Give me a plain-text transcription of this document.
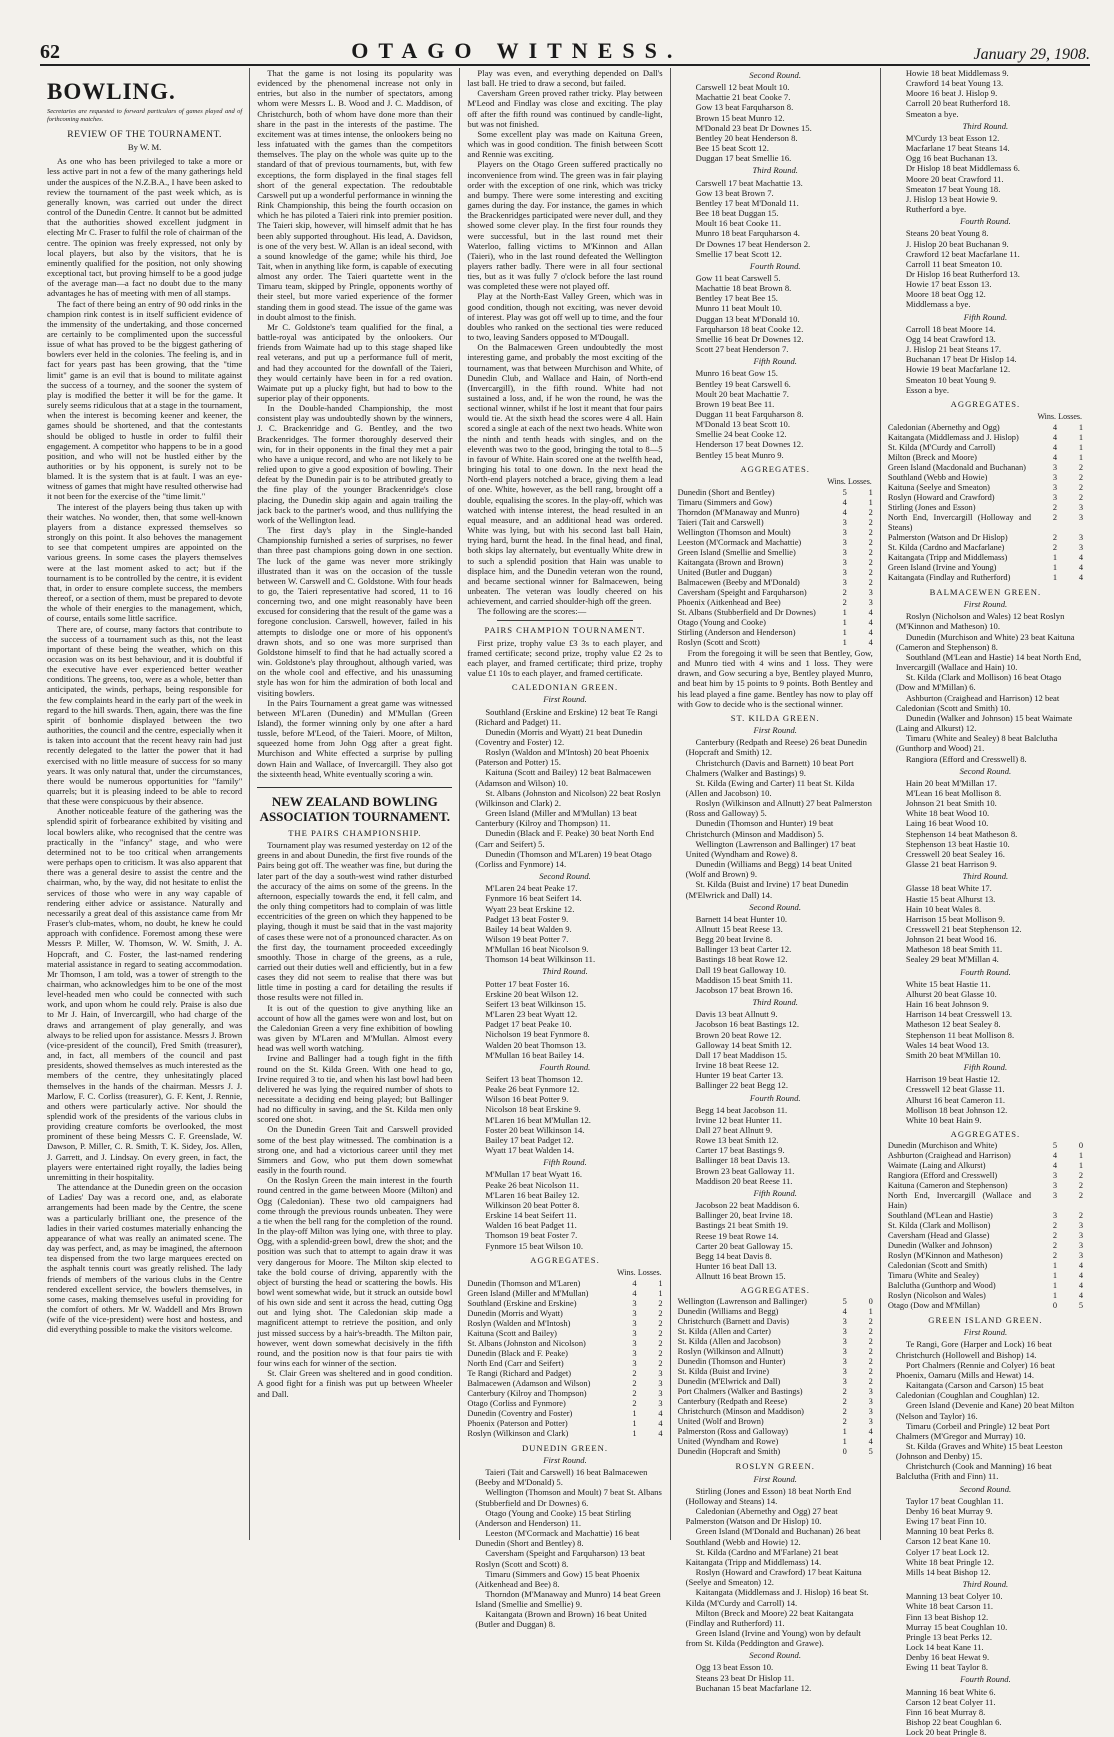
62	OTAGO WITNESS.	January 29, 1908.
BOWLING.
Secretaries are requested to forward particulars of games played and of forthcoming matches.
REVIEW OF THE TOURNAMENT.
By W. M.

As one who has been privileged to take a more or less active part in not a few of the many gatherings held under the auspices of the N.Z.B.A., I have been asked to review the tournament of the past week which, as is generally known, was carried out under the direct control of the Dunedin Centre. It cannot but be admitted that the authorities showed excellent judgment in electing Mr C. Fraser to fulfil the role of chairman of the centre. The opinion was freely expressed, not only by local players, but also by the visitors, that he is eminently qualified for the position, not only showing exceptional tact, but proving himself to be a good judge of the average man—a fact no doubt due to the many advantages he has of meeting with men of all stamps.

The fact of there being an entry of 90 odd rinks in the champion rink contest is in itself sufficient evidence of the immensity of the undertaking, and those concerned are certainly to be complimented upon the successful issue of what has proved to be the biggest gathering of bowlers ever held in the colonies. The feeling is, and in fact for years past has been growing, that the "time limit" game is an evil that is bound to militate against the success of a tourney, and the sooner the system of play is modified the better it will be for the game. It surely seems ridiculous that at a stage in the tournament, when the interest is becoming keener and keener, the games should be shortened, and that the contestants should be obliged to hustle in order to fulfil their engagement. A competitor who happens to be in a good position, and who will not be hustled either by the authorities or by his opponent, is surely not to be blamed. It is the system that is at fault. I was an eye-witness of games that might have resulted otherwise had it not been for the exercise of the "time limit."

The interest of the players being thus taken up with their watches. No wonder, then, that some well-known players from a distance expressed themselves so strongly on this point. It also behoves the management to see that competent umpires are appointed on the various greens. In some cases the players themselves were at the last moment asked to act; but if the tournament is to be controlled by the centre, it is evident that, in order to ensure complete success, the members thereof, or a section of them, must be prepared to devote the whole of their energies to the management, which, of course, entails some little sacrifice.

There are, of course, many factors that contribute to the success of a tournament such as this, not the least important of these being the weather, which on this occasion was on its best behaviour, and it is doubtful if the executive have ever experienced better weather conditions. The greens, too, were as a whole, better than anticipated, the winds, perhaps, being responsible for the few complaints heard in the early part of the week in regard to the hill swards. Then, again, there was the fine spirit of bonhomie displayed between the two authorities, the council and the centre, especially when it is taken into account that the recent heavy rain had just recently delegated to the latter the power that it had exercised with no little measure of success for so many years. It was only natural that, under the circumstances, there would be numerous opportunities for "family" quarrels; but it is pleasing indeed to be able to record that these were conspicuous by their absence.

Another noticeable feature of the gathering was the splendid spirit of forbearance exhibited by visiting and local bowlers alike, who recognised that the centre was practically in the "infancy" stage, and who were determined not to be too critical when arrangements were perhaps open to criticism. It was also apparent that there was a general desire to assist the centre and the chairman, who, by the way, did not hesitate to enlist the services of those who were in any way capable of rendering either advice or assistance. Naturally and necessarily a great deal of this assistance came from Mr Fraser's club-mates, whom, no doubt, he knew he could approach with confidence. Foremost among these were Messrs P. Miller, W. Thomson, W. W. Smith, J. A. Hopcraft, and C. Foster, the last-named rendering material assistance in regard to seating accommodation. Mr Thomson, I am told, was a tower of strength to the chairman, who acknowledges him to be one of the most level-headed men who could be connected with such work, and upon whom he could rely. Praise is also due to Mr J. Hain, of Invercargill, who had charge of the draws and arrangement of play generally, and was always to be relied upon for assistance. Messrs J. Brown (vice-president of the council), Fred Smith (treasurer), and, in fact, all members of the council and past presidents, showed themselves as much interested as the members of the centre, they unhesitatingly placed themselves in the hands of the chairman. Messrs J. J. Marlow, F. C. Corliss (treasurer), G. F. Kent, J. Rennie, and others were particularly active. Nor should the splendid work of the presidents of the various clubs in providing creature comforts be overlooked, the most prominent of these being Messrs C. F. Greenslade, W. Dawson, P. Miller, C. R. Smith, T. K. Sidey, Jos. Allen, J. Garrett, and J. Lindsay. On every green, in fact, the players were entertained right royally, the ladies being unremitting in their hospitality.

The attendance at the Dunedin green on the occasion of Ladies' Day was a record one, and, as elaborate arrangements had been made by the Centre, the scene was a particularly brilliant one, the presence of the ladies in their varied costumes materially enhancing the appearance of what was really an animated scene. The day was perfect, and, as may be imagined, the afternoon tea dispensed from the two large marquees erected on the asphalt tennis court was greatly relished. The lady friends of members of the various clubs in the Centre rendered excellent service, the bowlers themselves, in some cases, making themselves useful in providing for the comfort of others. Mr W. Waddell and Mrs Brown (wife of the vice-president) were host and hostess, and did everything possible to make the visitors welcome.

That the game is not losing its popularity was evidenced by the phenomenal increase not only in entries, but also in the number of spectators, among whom were Messrs L. B. Wood and J. C. Maddison, of Christchurch, both of whom have done more than their share in the past in the interests of the pastime. The excitement was at times intense, the onlookers being no less infatuated with the games than the competitors themselves. The play on the whole was quite up to the standard of that of previous tournaments, but, with few exceptions, the form displayed in the final stages fell short of the general expectation. The redoubtable Carswell put up a wonderful performance in winning the Rink Championship, this being the fourth occasion on which he has piloted a Taieri rink into premier position. The Taieri skip, however, will himself admit that he has been ably supported throughout. His lead, A. Davidson, is one of the very best. W. Allan is an ideal second, with a sound knowledge of the game; while his third, Joe Tait, when in anything like form, is capable of executing almost any order. The Taieri quartette went in the Timaru team, skipped by Pringle, opponents worthy of their steel, but more varied experience of the former standing them in good stead. The issue of the game was in doubt almost to the finish.

Mr C. Goldstone's team qualified for the final, a battle-royal was anticipated by the onlookers. Our friends from Waimate had up to this stage shaped like real veterans, and put up a performance full of merit, and had they accounted for the downfall of the Taieri, they would certainly have been in for a red ovation. Waimate put up a plucky fight, but had to bow to the superior play of their opponents.

In the Double-handed Championship, the most consistent play was undoubtedly shown by the winners, J. C. Brackenridge and G. Bentley, and the two Brackenridges. The former thoroughly deserved their win, for in their opponents in the final they met a pair who have a unique record, and who are not likely to be relied upon to give a good exposition of bowling. Their defeat by the Dunedin pair is to be attributed greatly to the fine play of the younger Brackenridge's close placing, the Dunedin skip again and again trailing the jack back to the partner's wood, and thus nullifying the work of the Wellington lead.

The first day's play in the Single-handed Championship furnished a series of surprises, no fewer than three past champions going down in one section. The luck of the game was never more strikingly illustrated than it was on the occasion of the tussle between W. Carswell and C. Goldstone. With four heads to go, the Taieri representative had scored, 11 to 16 concerning two, and one might reasonably have been excused for considering that the result of the game was a foregone conclusion. Carswell, however, failed in his attempts to dislodge one or more of his opponent's drawn shots, and so one was more surprised than Goldstone himself to find that he had actually scored a win. Goldstone's play throughout, although varied, was on the whole cool and effective, and his unassuming style has won for him the admiration of both local and visiting bowlers.

In the Pairs Tournament a great game was witnessed between M'Laren (Dunedin) and M'Mullan (Green Island), the former winning only by one after a hard tussle, before M'Leod, of the Taieri. Moore, of Milton, squeezed home from John Ogg after a great fight. Murchison and White effected a surprise by pulling down Hain and Wallace, of Invercargill. They also got the sixteenth head, White eventually scoring a win.

NEW ZEALAND BOWLING ASSOCIATION TOURNAMENT.
THE PAIRS CHAMPIONSHIP.

Tournament play was resumed yesterday on 12 of the greens in and about Dunedin, the first five rounds of the Pairs being got off. The weather was fine, but during the later part of the day a south-west wind rather disturbed the accuracy of the aims on some of the greens. In the afternoon, especially towards the end, it fell calm, and the only thing competitors had to complain of was little eccentricities of the green on which they happened to be playing, though it must be said that in the vast majority of cases these were not of a pronounced character. As on the first day, the tournament proceeded exceedingly smoothly. Those in charge of the greens, as a rule, carried out their duties well and efficiently, but in a few cases they did not seem to realise that there was but little time in posting a card for detailing the results if those results were not filled in.

It is out of the question to give anything like an account of how all the games were won and lost, but on the Caledonian Green a very fine exhibition of bowling was given by M'Laren and M'Mullan. Almost every head was well worth watching.

Irvine and Ballinger had a tough fight in the fifth round on the St. Kilda Green. With one head to go, Irvine required 3 to tie, and when his last bowl had been delivered he was lying the required number of shots to necessitate a deciding end being played; but Ballinger had no difficulty in saving, and the St. Kilda men only scored one shot.

On the Dunedin Green Tait and Carswell provided some of the best play witnessed. The combination is a strong one, and had a victorious career until they met Simmers and Gow, who put them down somewhat easily in the fourth round.

On the Roslyn Green the main interest in the fourth round centred in the game between Moore (Milton) and Ogg (Caledonian). These two old campaigners had come through the previous rounds unbeaten. They were a tie when the bell rang for the completion of the round. In the play-off Milton was lying one, with three to play. Ogg, with a splendid-green bowl, drew the shot; and the position was such that to attempt to again draw it was very dangerous for Moore. The Milton skip elected to take the bold course of driving, apparently with the object of bursting the head or scattering the bowls. His bowl went somewhat wide, but it struck an outside bowl of his own side and sent it across the head, cutting Ogg out and lying shot. The Caledonian skip made a magnificent attempt to retrieve the position, and only just missed success by a hair's-breadth. The Milton pair, however, went down somewhat decisively in the fifth round, and the position now is that four pairs tie with four wins each for winner of the section.

St. Clair Green was sheltered and in good condition. A good fight for a finish was put up between Wheeler and Dall.

Play was even, and everything depended on Dall's last ball. He tried to draw a second, but failed.

Caversham Green proved rather tricky. Play between M'Leod and Findlay was close and exciting. The play off after the fifth round was continued by candle-light, but was not finished.

Some excellent play was made on Kaituna Green, which was in good condition. The finish between Scott and Rennie was exciting.

Players on the Otago Green suffered practically no inconvenience from wind. The green was in fair playing order with the exception of one rink, which was tricky and bumpy. There were some interesting and exciting games during the day. For instance, the games in which the Brackenridges participated were never dull, and they showed some clever play. In the first four rounds they were successful, but in the last round met their Waterloo, falling victims to M'Kinnon and Allan (Taieri), who in the last round defeated the Wellington players rather badly. There were in all four sectional ties, but as it was fully 7 o'clock before the last round was completed these were not played off.

Play at the North-East Valley Green, which was in good condition, though not exciting, was never devoid of interest. Play was got off well up to time, and the four doubles who ranked on the sectional ties were reduced to two, leaving Sanders opposed to M'Dougall.

On the Balmacewen Green undoubtedly the most interesting game, and probably the most exciting of the tournament, was that between Murchison and White, of Dunedin Club, and Wallace and Hain, of North-end (Invercargill), in the fifth round. White had not sustained a loss, and, if he won the round, he was the sectional winner, whilst if he lost it meant that four pairs would tie. At the sixth head the scores were 4 all. Hain scored a single at each of the next two heads. White won the ninth and tenth heads with singles, and on the eleventh was two to the good, bringing the total to 8—5 in favour of White. Hain scored one at the twelfth head, bringing his total to one down. In the next head the North-end players notched a brace, giving them a lead of one. White, however, as the bell rang, brought off a double, equalising the scores. In the play-off, which was watched with intense interest, the head resulted in an equal measure, and an additional head was ordered. White was lying, but with his second last ball Hain, trying hard, burnt the head. In the final head, and final, both skips lay alternately, but eventually White drew in to such a splendid position that Hain was unable to displace him, and the Dunedin veteran won the round, and became sectional winner for Balmacewen, being unbeaten. The veteran was loudly cheered on his achievement, and carried shoulder-high off the green.

The following are the scores:—

PAIRS CHAMPION TOURNAMENT.

First prize, trophy value £3 3s to each player, and framed certificate; second prize, trophy value £2 2s to each player, and framed certificate; third prize, trophy value £1 10s to each player, and framed certificate.

CALEDONIAN GREEN.
First Round.

Southland (Erskine and Erskine) 12 beat Te Rangi (Richard and Padget) 11.

Dunedin (Morris and Wyatt) 21 beat Dunedin (Coventry and Foster) 12.

Roslyn (Waldon and M'Intosh) 20 beat Phoenix (Paterson and Potter) 15.

Kaituna (Scott and Bailey) 12 beat Balmacewen (Adamson and Wilson) 10.

St. Albans (Johnston and Nicolson) 22 beat Roslyn (Wilkinson and Clark) 2.

Green Island (Miller and M'Mullan) 13 beat Canterbury (Kilroy and Thompson) 11.

Dunedin (Black and F. Peake) 30 beat North End (Carr and Seifert) 5.

Dunedin (Thomson and M'Laren) 19 beat Otago (Corliss and Fynmore) 14.

Second Round.

M'Laren 24 beat Peake 17.

Fynmore 16 beat Seifert 14.

Wyatt 23 beat Erskine 12.

Padget 13 beat Foster 9.

Bailey 14 beat Walden 9.

Wilson 19 beat Potter 7.

M'Mullan 16 beat Nicolson 9.

Thomson 14 beat Wilkinson 11.

Third Round.

Potter 17 beat Foster 16.

Erskine 20 beat Wilson 12.

Seifert 13 beat Wilkinson 15.

M'Laren 23 beat Wyatt 12.

Padget 17 beat Peake 10.

Nicholson 19 beat Fynmore 8.

Walden 20 beat Thomson 13.

M'Mullan 16 beat Bailey 14.

Fourth Round.

Seifert 13 beat Thomson 12.

Peake 26 beat Fynmore 12.

Wilson 16 beat Potter 9.

Nicolson 18 beat Erskine 9.

M'Laren 16 beat M'Mullan 12.

Foster 20 beat Wilkinson 14.

Bailey 17 beat Padget 12.

Wyatt 17 beat Walden 14.

Fifth Round.

M'Mullan 17 beat Wyatt 16.

Peake 26 beat Nicolson 11.

M'Laren 16 beat Bailey 12.

Wilkinson 20 beat Potter 8.

Erskine 14 beat Seifert 11.

Walden 16 beat Padget 11.

Thomson 19 beat Foster 7.

Fynmore 15 beat Wilson 10.

AGGREGATES.
	Wins.	Losses.
Dunedin (Thomson and M'Laren)	4	1
Green Island (Miller and M'Mullan)	4	1
Southland (Erskine and Erskine)	3	2
Dunedin (Morris and Wyatt)	3	2
Roslyn (Walden and M'Intosh)	3	2
Kaituna (Scott and Bailey)	3	2
St. Albans (Johnston and Nicolson)	3	2
Dunedin (Black and F. Peake)	3	2
North End (Carr and Seifert)	3	2
Te Rangi (Richard and Padget)	2	3
Balmacewen (Adamson and Wilson)	2	3
Canterbury (Kilroy and Thompson)	2	3
Otago (Corliss and Fynmore)	2	3
Dunedin (Coventry and Foster)	1	4
Phoenix (Paterson and Potter)	1	4
Roslyn (Wilkinson and Clark)	1	4
DUNEDIN GREEN.
First Round.

Taieri (Tait and Carswell) 16 beat Balmacewen (Beeby and M'Donald) 5.

Wellington (Thomson and Moult) 7 beat St. Albans (Stubberfield and Dr Downes) 6.

Otago (Young and Cooke) 15 beat Stirling (Anderson and Henderson) 11.

Leeston (M'Cormack and Machattie) 16 beat Dunedin (Short and Bentley) 8.

Caversham (Speight and Farquharson) 13 beat Roslyn (Scott and Scott) 8.

Timaru (Simmers and Gow) 15 beat Phoenix (Aitkenhead and Bee) 8.

Thorndon (M'Manaway and Munro) 14 beat Green Island (Smellie and Smellie) 9.

Kaitangata (Brown and Brown) 16 beat United (Butler and Duggan) 8.

Second Round.

Carswell 12 beat Moult 10.

Machattie 21 beat Cooke 7.

Gow 13 beat Farquharson 8.

Brown 15 beat Munro 12.

M'Donald 23 beat Dr Downes 15.

Bentley 20 beat Henderson 8.

Bee 15 beat Scott 12.

Duggan 17 beat Smellie 16.

Third Round.

Carswell 17 beat Machattie 13.

Gow 13 beat Brown 7.

Bentley 17 beat M'Donald 11.

Bee 18 beat Duggan 15.

Moult 16 beat Cooke 11.

Munro 18 beat Farquharson 4.

Dr Downes 17 beat Henderson 2.

Smellie 17 beat Scott 12.

Fourth Round.

Gow 11 beat Carswell 5.

Machattie 18 beat Brown 8.

Bentley 17 beat Bee 15.

Munro 11 beat Moult 10.

Duggan 13 beat M'Donald 10.

Farquharson 18 beat Cooke 12.

Smellie 16 beat Dr Downes 12.

Scott 27 beat Henderson 7.

Fifth Round.

Munro 16 beat Gow 15.

Bentley 19 beat Carswell 6.

Moult 20 beat Machattie 7.

Brown 19 beat Bee 11.

Duggan 11 beat Farquharson 8.

M'Donald 13 beat Scott 10.

Smellie 24 beat Cooke 12.

Henderson 17 beat Downes 12.

Bentley 15 beat Munro 9.

AGGREGATES.
	Wins.	Losses.
Dunedin (Short and Bentley)	5	1
Timaru (Simmers and Gow)	4	1
Thorndon (M'Manaway and Munro)	4	2
Taieri (Tait and Carswell)	3	2
Wellington (Thomson and Moult)	3	2
Leeston (M'Cormack and Machattie)	3	2
Green Island (Smellie and Smellie)	3	2
Kaitangata (Brown and Brown)	3	2
United (Butler and Duggan)	3	2
Balmacewen (Beeby and M'Donald)	3	2
Caversham (Speight and Farquharson)	2	3
Phoenix (Aitkenhead and Bee)	2	3
St. Albans (Stubberfield and Dr Downes)	1	4
Otago (Young and Cooke)	1	4
Stirling (Anderson and Henderson)	1	4
Roslyn (Scott and Scott)	1	4

From the foregoing it will be seen that Bentley, Gow, and Munro tied with 4 wins and 1 loss. They were drawn, and Gow securing a bye, Bentley played Munro, and beat him by 15 points to 9 points. Both Bentley and his lead played a fine game. Bentley has now to play off with Gow to decide who is the sectional winner.

ST. KILDA GREEN.
First Round.

Canterbury (Redpath and Reese) 26 beat Dunedin (Hopcraft and Smith) 12.

Christchurch (Davis and Barnett) 10 beat Port Chalmers (Walker and Bastings) 9.

St. Kilda (Ewing and Carter) 11 beat St. Kilda (Allen and Jacobson) 10.

Roslyn (Wilkinson and Allnutt) 27 beat Palmerston (Ross and Galloway) 5.

Dunedin (Thomson and Hunter) 19 beat Christchurch (Minson and Maddison) 5.

Wellington (Lawrenson and Ballinger) 17 beat United (Wyndham and Rowe) 8.

Dunedin (Williams and Begg) 14 beat United (Wolf and Brown) 9.

St. Kilda (Buist and Irvine) 17 beat Dunedin (M'Elwrick and Dall) 14.

Second Round.

Barnett 14 beat Hunter 10.

Allnutt 15 beat Reese 13.

Begg 20 beat Irvine 8.

Ballinger 13 beat Carter 12.

Bastings 18 beat Rowe 12.

Dall 19 beat Galloway 10.

Maddison 15 beat Smith 11.

Jacobson 17 beat Brown 16.

Third Round.

Davis 13 beat Allnutt 9.

Jacobson 16 beat Bastings 12.

Brown 20 beat Rowe 12.

Galloway 14 beat Smith 12.

Dall 17 beat Maddison 15.

Irvine 18 beat Reese 12.

Hunter 19 beat Carter 13.

Ballinger 22 beat Begg 12.

Fourth Round.

Begg 14 beat Jacobson 11.

Irvine 12 beat Hunter 11.

Dall 27 beat Allnutt 9.

Rowe 13 beat Smith 12.

Carter 17 beat Bastings 9.

Ballinger 18 beat Davis 13.

Brown 23 beat Galloway 11.

Maddison 20 beat Reese 11.

Fifth Round.

Jacobson 22 beat Maddison 6.

Ballinger 20, beat Irvine 18.

Bastings 21 beat Smith 19.

Reese 19 beat Rowe 14.

Carter 20 beat Galloway 15.

Begg 14 beat Davis 8.

Hunter 16 beat Dall 13.

Allnutt 16 beat Brown 15.

AGGREGATES.
Wellington (Lawrenson and Ballinger)	5	0
Dunedin (Williams and Begg)	4	1
Christchurch (Barnett and Davis)	3	2
St. Kilda (Allen and Carter)	3	2
St. Kilda (Allen and Jacobson)	3	2
Roslyn (Wilkinson and Allnutt)	3	2
Dunedin (Thomson and Hunter)	3	2
St. Kilda (Buist and Irvine)	3	2
Dunedin (M'Elwrick and Dall)	3	2
Port Chalmers (Walker and Bastings)	2	3
Canterbury (Redpath and Reese)	2	3
Christchurch (Minson and Maddison)	2	3
United (Wolf and Brown)	2	3
Palmerston (Ross and Galloway)	1	4
United (Wyndham and Rowe)	1	4
Dunedin (Hopcraft and Smith)	0	5
ROSLYN GREEN.
First Round.

Stirling (Jones and Esson) 18 beat North End (Holloway and Steans) 14.

Caledonian (Abernethy and Ogg) 27 beat Palmerston (Watson and Dr Hislop) 10.

Green Island (M'Donald and Buchanan) 26 beat Southland (Webb and Howie) 12.

St. Kilda (Cardno and M'Farlane) 21 beat Kaitangata (Tripp and Middlemass) 14.

Roslyn (Howard and Crawford) 17 beat Kaituna (Seelye and Smeaton) 12.

Kaitangata (Middlemass and J. Hislop) 16 beat St. Kilda (M'Curdy and Carroll) 14.

Milton (Breck and Moore) 22 beat Kaitangata (Findlay and Rutherford) 11.

Green Island (Irvine and Young) won by default from St. Kilda (Peddington and Grawe).

Second Round.

Ogg 13 beat Esson 10.

Steans 23 beat Dr Hislop 11.

Buchanan 15 beat Macfarlane 12.

Howie 18 beat Middlemass 9.

Crawford 14 beat Young 13.

Moore 16 beat J. Hislop 9.

Carroll 20 beat Rutherford 18.

Smeaton a bye.

Third Round.

M'Curdy 13 beat Esson 12.

Macfarlane 17 beat Steans 14.

Ogg 16 beat Buchanan 13.

Dr Hislop 18 beat Middlemass 6.

Moore 20 beat Crawford 11.

Smeaton 17 beat Young 18.

J. Hislop 13 beat Howie 9.

Rutherford a bye.

Fourth Round.

Steans 20 beat Young 8.

J. Hislop 20 beat Buchanan 9.

Crawford 12 beat Macfarlane 11.

Carroll 11 beat Smeaton 10.

Dr Hislop 16 beat Rutherford 13.

Howie 17 beat Esson 13.

Moore 18 beat Ogg 12.

Middlemass a bye.

Fifth Round.

Carroll 18 beat Moore 14.

Ogg 14 beat Crawford 13.

J. Hislop 21 beat Steans 17.

Buchanan 17 beat Dr Hislop 14.

Howie 19 beat Macfarlane 12.

Smeaton 10 beat Young 9.

Esson a bye.

AGGREGATES.
	Wins.	Losses.
Caledonian (Abernethy and Ogg)	4	1
Kaitangata (Middlemass and J. Hislop)	4	1
St. Kilda (M'Curdy and Carroll)	4	1
Milton (Breck and Moore)	4	1
Green Island (Macdonald and Buchanan)	3	2
Southland (Webb and Howie)	3	2
Kaituna (Seelye and Smeaton)	3	2
Roslyn (Howard and Crawford)	3	2
Stirling (Jones and Esson)	2	3
North End, Invercargill (Holloway and Steans)	2	3
Palmerston (Watson and Dr Hislop)	2	3
St. Kilda (Cardno and Macfarlane)	2	3
Kaitangata (Tripp and Middlemass)	1	4
Green Island (Irvine and Young)	1	4
Kaitangata (Findlay and Rutherford)	1	4
BALMACEWEN GREEN.
First Round.

Roslyn (Nicholson and Wales) 12 beat Roslyn (M'Kinnon and Matheson) 10.

Dunedin (Murchison and White) 23 beat Kaituna (Cameron and Stephenson) 8.

Southland (M'Lean and Hastie) 14 beat North End, Invercargill (Wallace and Hain) 10.

St. Kilda (Clark and Mollison) 16 beat Otago (Dow and M'Millan) 6.

Ashburton (Craighead and Harrison) 12 beat Caledonian (Scott and Smith) 10.

Dunedin (Walker and Johnson) 15 beat Waimate (Laing and Alkurst) 12.

Timaru (White and Sealey) 8 beat Balclutha (Gunthorp and Wood) 21.

Rangiora (Efford and Cresswell) 8.

Second Round.

Hain 20 beat M'Millan 17.

M'Lean 16 beat Mollison 8.

Johnson 21 beat Smith 10.

White 18 beat Wood 10.

Laing 16 beat Wood 10.

Stephenson 14 beat Matheson 8.

Stephenson 13 beat Hastie 10.

Cresswell 20 beat Sealey 16.

Glasse 21 beat Harrison 9.

Third Round.

Glasse 18 beat White 17.

Hastie 15 beat Alhurst 13.

Hain 10 beat Wales 8.

Harrison 15 beat Mollison 9.

Cresswell 21 beat Stephenson 12.

Johnson 21 beat Wood 16.

Matheson 18 beat Smith 11.

Sealey 29 beat M'Millan 4.

Fourth Round.

White 15 beat Hastie 11.

Alhurst 20 beat Glasse 10.

Hain 16 beat Johnson 9.

Harrison 14 beat Cresswell 13.

Matheson 12 beat Sealey 8.

Stephenson 11 beat Mollison 8.

Wales 14 beat Wood 13.

Smith 20 beat M'Millan 10.

Fifth Round.

Harrison 19 beat Hastie 12.

Cresswell 12 beat Glasse 11.

Alhurst 16 beat Cameron 11.

Mollison 18 beat Johnson 12.

White 10 beat Hain 9.

AGGREGATES.
Dunedin (Murchison and White)	5	0
Ashburton (Craighead and Harrison)	4	1
Waimate (Laing and Alkurst)	4	1
Rangiora (Efford and Cresswell)	3	2
Kaituna (Cameron and Stephenson)	3	2
North End, Invercargill (Wallace and Hain)	3	2
Southland (M'Lean and Hastie)	3	2
St. Kilda (Clark and Mollison)	2	3
Caversham (Head and Glasse)	2	3
Dunedin (Walker and Johnson)	2	3
Roslyn (M'Kinnon and Matheson)	2	3
Caledonian (Scott and Smith)	1	4
Timaru (White and Sealey)	1	4
Balclutha (Gunthorp and Wood)	1	4
Roslyn (Nicolson and Wales)	1	4
Otago (Dow and M'Millan)	0	5
GREEN ISLAND GREEN.
First Round.

Te Rangi, Gore (Harper and Lock) 16 beat Christchurch (Hollowell and Bishop) 14.

Port Chalmers (Rennie and Colyer) 16 beat Phoenix, Oamaru (Mills and Hewat) 14.

Kaitangata (Carson and Carson) 15 beat Caledonian (Coughlan and Coughlan) 12.

Green Island (Devenie and Kane) 20 beat Milton (Nelson and Taylor) 16.

Timaru (Corbeil and Pringle) 12 beat Port Chalmers (M'Gregor and Murray) 10.

St. Kilda (Graves and White) 15 beat Leeston (Johnson and Denby) 15.

Christchurch (Cook and Manning) 16 beat Balclutha (Frith and Finn) 11.

Second Round.

Taylor 17 beat Coughlan 11.

Denby 16 beat Murray 9.

Ewing 17 beat Finn 10.

Manning 10 beat Perks 8.

Carson 12 beat Kane 10.

Colyer 17 beat Lock 12.

White 18 beat Pringle 12.

Mills 14 beat Bishop 12.

Third Round.

Manning 13 beat Colyer 10.

White 18 beat Carson 11.

Finn 13 beat Bishop 12.

Murray 15 beat Coughlan 10.

Pringle 13 beat Perks 12.

Lock 14 beat Kane 11.

Denby 16 beat Hewat 9.

Ewing 11 beat Taylor 8.

Fourth Round.

Manning 16 beat White 6.

Carson 12 beat Colyer 11.

Finn 16 beat Murray 8.

Bishop 22 beat Coughlan 6.

Lock 20 beat Pringle 8.
